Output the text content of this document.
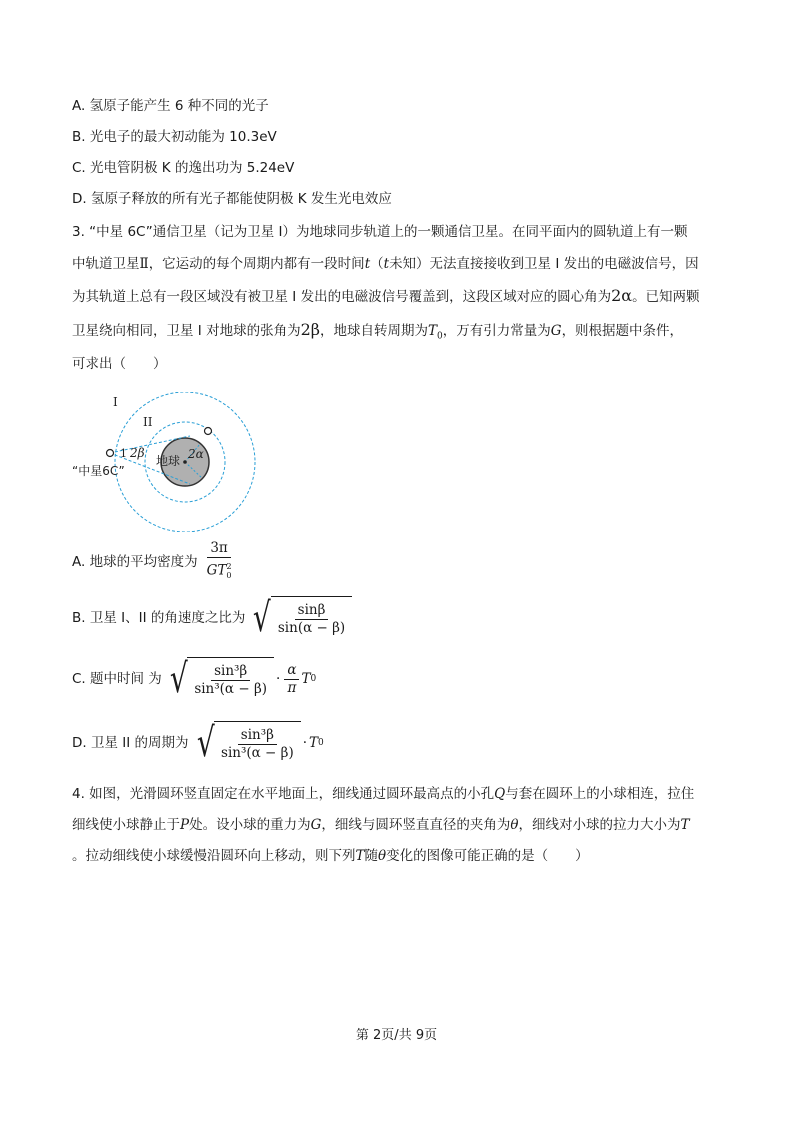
A. 氢原子能产生 6 种不同的光子
B. 光电子的最大初动能为 10.3eV
C. 光电管阴极 K 的逸出功为 5.24eV
D. 氢原子释放的所有光子都能使阴极 K 发生光电效应
3. “中星 6C”通信卫星（记为卫星 I）为地球同步轨道上的一颗通信卫星。在同平面内的圆轨道上有一颗
中轨道卫星Ⅱ，它运动的每个周期内都有一段时间t（t未知）无法直接接收到卫星 I 发出的电磁波信号，因
为其轨道上总有一段区域没有被卫星 I 发出的电磁波信号覆盖到，这段区域对应的圆心角为2α。已知两颗
卫星绕向相同，卫星 I 对地球的张角为2β，地球自转周期为$T_0$，万有引力常量为G，则根据题中条件，
可求出（　　）
I
II
1 2β
地球 2α
“中星6C”
A. 地球的平均密度为 $\frac{3\pi}{GT_0^2}$
B. 卫星 I、II 的角速度之比为 √ $\frac{\sin\beta}{\sin(\alpha - \beta)}$
C. 题中时间 为 √ $\frac{\text{sin³β}}{\text{sin³(α − β)}} \cdot \frac{\alpha}{\pi}$ T 0
D. 卫星 II 的周期为 √ $\frac{\text{sin³β}}{\text{sin³(α − β)}} \cdot T$ 0
4. 如图，光滑圆环竖直固定在水平地面上，细线通过圆环最高点的小孔Q与套在圆环上的小球相连，拉住
细线使小球静止于P处。设小球的重力为G，细线与圆环竖直直径的夹角为θ，细线对小球的拉力大小为T
。拉动细线使小球缓慢沿圆环向上移动，则下列T随θ变化的图像可能正确的是（　　）
第 2页/共 9页
